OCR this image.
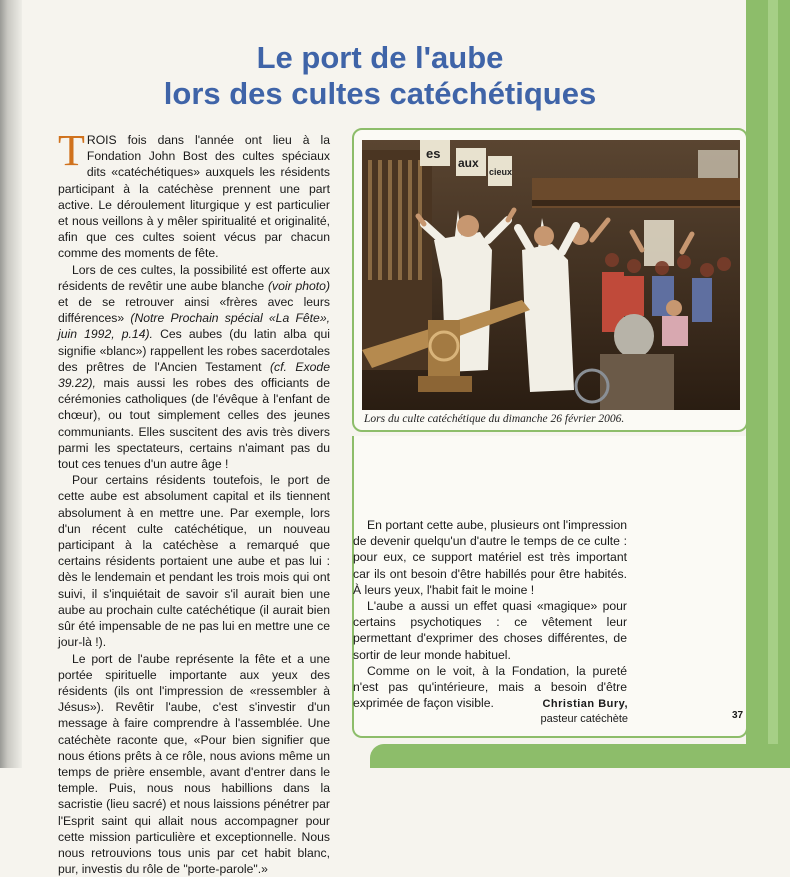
Le port de l'aube
lors des cultes catéchétiques

TROIS fois dans l'année ont lieu à la Fondation John Bost des cultes spéciaux dits «catéchétiques» auxquels les résidents participant à la catéchèse prennent une part active. Le déroulement liturgique y est particulier et nous veillons à y mêler spiritualité et originalité, afin que ces cultes soient vécus par chacun comme des moments de fête.

Lors de ces cultes, la possibilité est offerte aux résidents de revêtir une aube blanche (voir photo) et de se retrouver ainsi «frères avec leurs différences» (Notre Prochain spécial «La Fête», juin 1992, p.14). Ces aubes (du latin alba qui signifie «blanc») rappellent les robes sacerdotales des prêtres de l'Ancien Testament (cf. Exode 39.22), mais aussi les robes des officiants de cérémonies catholiques (de l'évêque à l'enfant de chœur), ou tout simplement celles des jeunes communiants. Elles suscitent des avis très divers parmi les spectateurs, certains n'aimant pas du tout ces tenues d'un autre âge !

Pour certains résidents toutefois, le port de cette aube est absolument capital et ils tiennent absolument à en mettre une. Par exemple, lors d'un récent culte catéchétique, un nouveau participant à la catéchèse a remarqué que certains résidents portaient une aube et pas lui : dès le lendemain et pendant les trois mois qui ont suivi, il s'inquiétait de savoir s'il aurait bien une aube au prochain culte catéchétique (il aurait bien sûr été impensable de ne pas lui en mettre une ce jour-là !).

Le port de l'aube représente la fête et a une portée spirituelle importante aux yeux des résidents (ils ont l'impression de «ressembler à Jésus»). Revêtir l'aube, c'est s'investir d'un message à faire comprendre à l'assemblée. Une catéchète raconte que, «Pour bien signifier que nous étions prêts à ce rôle, nous avions même un temps de prière ensemble, avant d'entrer dans le temple. Puis, nous nous habillions dans la sacristie (lieu sacré) et nous laissions pénétrer par l'Esprit saint qui allait nous accompagner pour cette mission particulière et exceptionnelle. Nous nous retrouvions tous unis par cet habit blanc, pur, investis du rôle de "porte-parole".»

es
aux
cieux
Lors du culte catéchétique du dimanche 26 février 2006.

En portant cette aube, plusieurs ont l'impression de devenir quelqu'un d'autre le temps de ce culte : pour eux, ce support matériel est très important car ils ont besoin d'être habillés pour être habités. À leurs yeux, l'habit fait le moine !

L'aube a aussi un effet quasi «magique» pour certains psychotiques : ce vêtement leur permettant d'exprimer des choses différentes, de sortir de leur monde habituel.

Comme on le voit, à la Fondation, la pureté n'est pas qu'intérieure, mais a besoin d'être exprimée de façon visible.	Christian Bury,
pasteur catéchète	37
